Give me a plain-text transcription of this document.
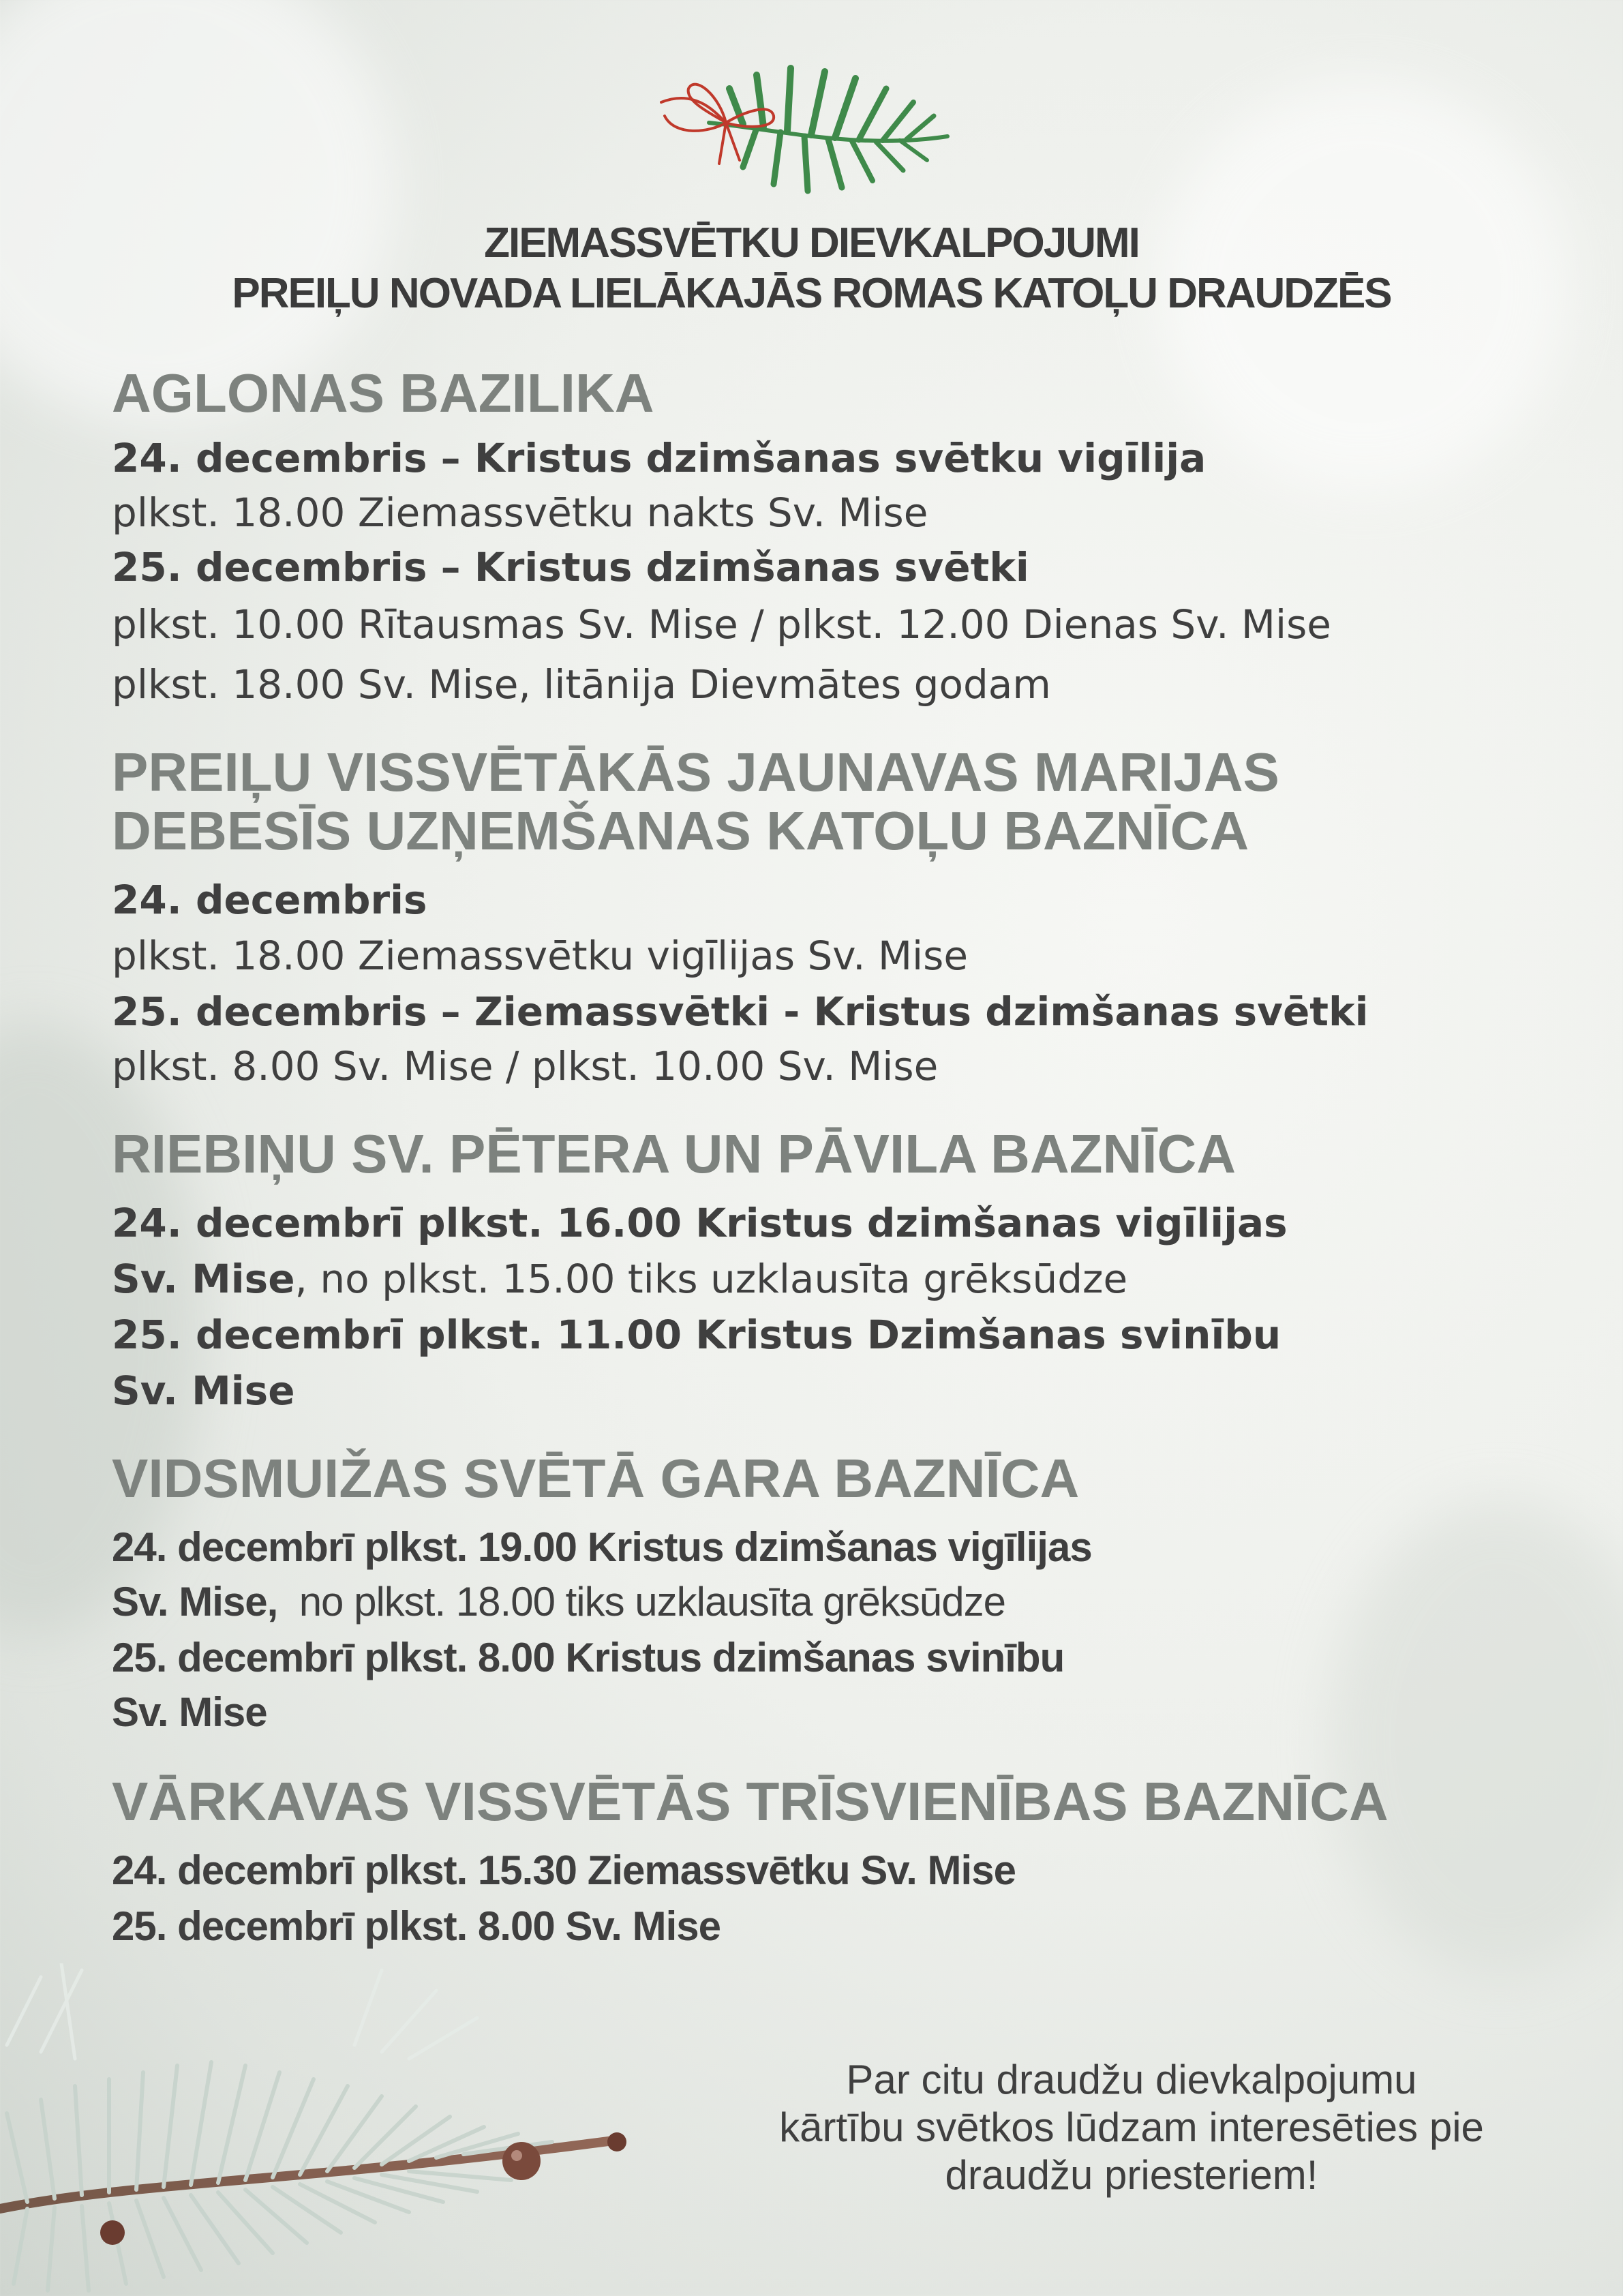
ZIEMASSVĒTKU DIEVKALPOJUMI
PREIĻU NOVADA LIELĀKAJĀS ROMAS KATOĻU DRAUDZĒS
AGLONAS BAZILIKA
24. decembris – Kristus dzimšanas svētku vigīlija
plkst. 18.00 Ziemassvētku nakts Sv. Mise
25. decembris – Kristus dzimšanas svētki
plkst. 10.00 Rītausmas Sv. Mise / plkst. 12.00 Dienas Sv. Mise
plkst. 18.00 Sv. Mise, litānija Dievmātes godam
PREIĻU VISSVĒTĀKĀS JAUNAVAS MARIJAS
DEBESĪS UZŅEMŠANAS KATOĻU BAZNĪCA
24. decembris
plkst. 18.00 Ziemassvētku vigīlijas Sv. Mise
25. decembris – Ziemassvētki - Kristus dzimšanas svētki
plkst. 8.00 Sv. Mise / plkst. 10.00 Sv. Mise
RIEBIŅU SV. PĒTERA UN PĀVILA BAZNĪCA
24. decembrī plkst. 16.00 Kristus dzimšanas vigīlijas
Sv. Mise, no plkst. 15.00 tiks uzklausīta grēksūdze
25. decembrī plkst. 11.00 Kristus Dzimšanas svinību
Sv. Mise
VIDSMUIŽAS SVĒTĀ GARA BAZNĪCA
24. decembrī plkst. 19.00 Kristus dzimšanas vigīlijas
Sv. Mise, no plkst. 18.00 tiks uzklausīta grēksūdze
25. decembrī plkst. 8.00 Kristus dzimšanas svinību
Sv. Mise
VĀRKAVAS VISSVĒTĀS TRĪSVIENĪBAS BAZNĪCA
24. decembrī plkst. 15.30 Ziemassvētku Sv. Mise
25. decembrī plkst. 8.00 Sv. Mise
Par citu draudžu dievkalpojumu
kārtību svētkos lūdzam interesēties pie
draudžu priesteriem!
